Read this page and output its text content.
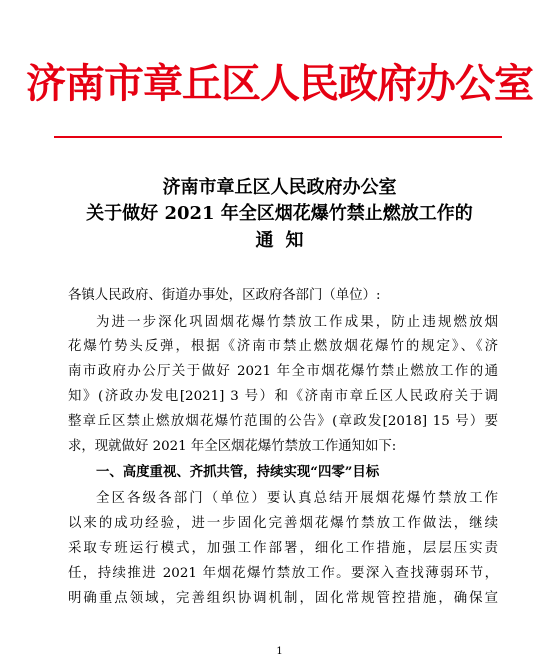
济南市章丘区人民政府办公室
济南市章丘区人民政府办公室
关于做好 2021 年全区烟花爆竹禁止燃放工作的
通知
各镇人民政府、街道办事处，区政府各部门（单位）:
为进一步深化巩固烟花爆竹禁放工作成果，防止违规燃放烟
花爆竹势头反弹，根据《济南市禁止燃放烟花爆竹的规定》、《济
南市政府办公厅关于做好 2021 年全市烟花爆竹禁止燃放工作的通
知》(济政办发电[2021] 3 号）和《济南市章丘区人民政府关于调
整章丘区禁止燃放烟花爆竹范围的公告》(章政发[2018] 15 号）要
求，现就做好 2021 年全区烟花爆竹禁放工作通知如下:
一、高度重视、齐抓共管，持续实现“四零”目标
全区各级各部门（单位）要认真总结开展烟花爆竹禁放工作
以来的成功经验，进一步固化完善烟花爆竹禁放工作做法，继续
采取专班运行模式，加强工作部署，细化工作措施，层层压实责
任，持续推进 2021 年烟花爆竹禁放工作。要深入查找薄弱环节，
明确重点领域，完善组织协调机制，固化常规管控措施，确保宣
1
